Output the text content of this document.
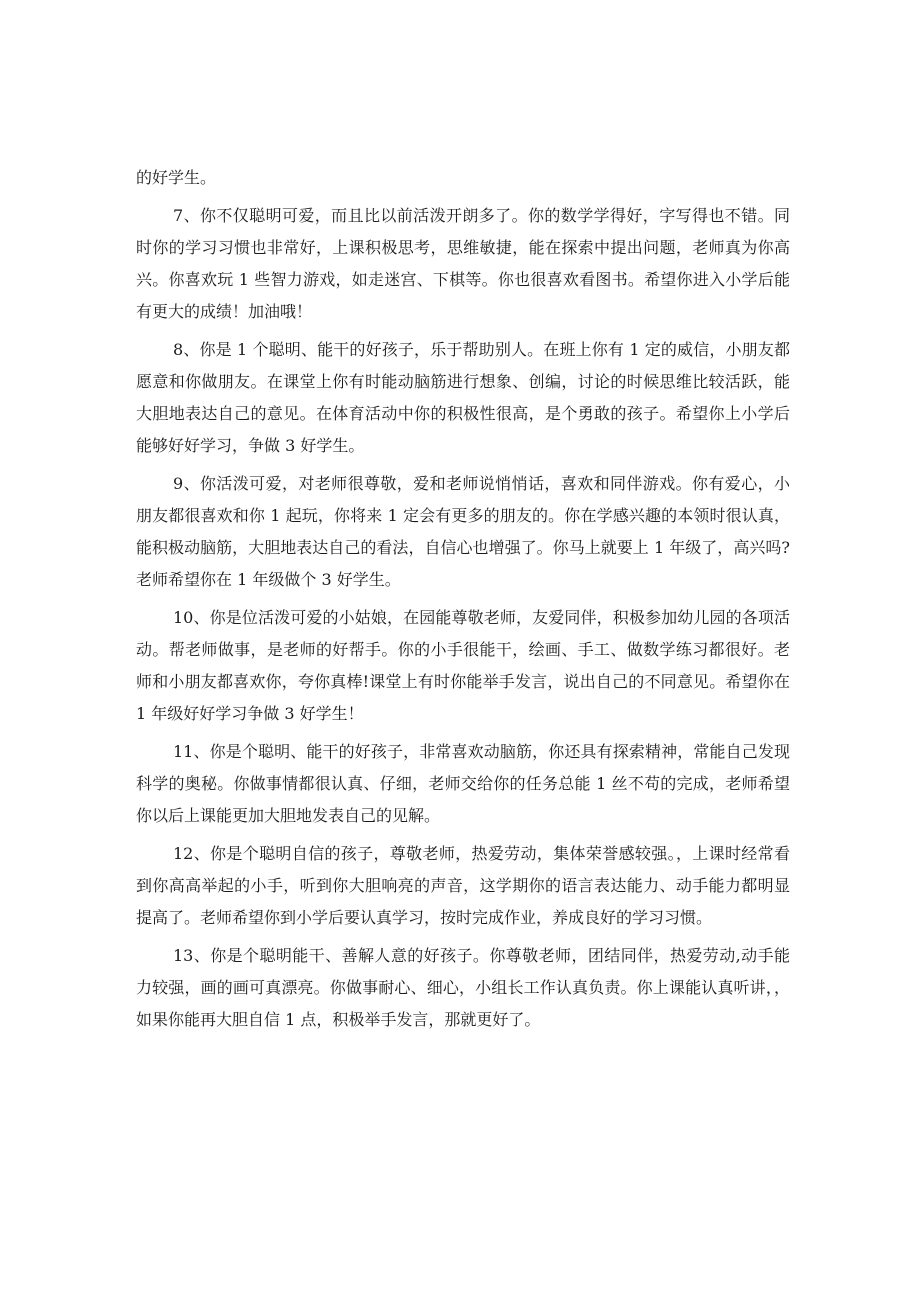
的好学生。

7、你不仅聪明可爱，而且比以前活泼开朗多了。你的数学学得好，字写得也不错。同时你的学习习惯也非常好，上课积极思考，思维敏捷，能在探索中提出问题，老师真为你高兴。你喜欢玩 1 些智力游戏，如走迷宫、下棋等。你也很喜欢看图书。希望你进入小学后能有更大的成绩！加油哦！

8、你是 1 个聪明、能干的好孩子，乐于帮助别人。在班上你有 1 定的威信，小朋友都愿意和你做朋友。在课堂上你有时能动脑筋进行想象、创编，讨论的时候思维比较活跃，能大胆地表达自己的意见。在体育活动中你的积极性很高，是个勇敢的孩子。希望你上小学后能够好好学习，争做 3 好学生。

9、你活泼可爱，对老师很尊敬，爱和老师说悄悄话，喜欢和同伴游戏。你有爱心，小朋友都很喜欢和你 1 起玩，你将来 1 定会有更多的朋友的。你在学感兴趣的本领时很认真，能积极动脑筋，大胆地表达自己的看法，自信心也增强了。你马上就要上 1 年级了，高兴吗?老师希望你在 1 年级做个 3 好学生。

10、你是位活泼可爱的小姑娘，在园能尊敬老师，友爱同伴，积极参加幼儿园的各项活动。帮老师做事，是老师的好帮手。你的小手很能干，绘画、手工、做数学练习都很好。老师和小朋友都喜欢你，夸你真棒!课堂上有时你能举手发言，说出自己的不同意见。希望你在 1 年级好好学习争做 3 好学生！

11、你是个聪明、能干的好孩子，非常喜欢动脑筋，你还具有探索精神，常能自己发现科学的奥秘。你做事情都很认真、仔细，老师交给你的任务总能 1 丝不苟的完成，老师希望你以后上课能更加大胆地发表自己的见解。

12、你是个聪明自信的孩子，尊敬老师，热爱劳动，集体荣誉感较强。，上课时经常看到你高高举起的小手，听到你大胆响亮的声音，这学期你的语言表达能力、动手能力都明显提高了。老师希望你到小学后要认真学习，按时完成作业，养成良好的学习习惯。

13、你是个聪明能干、善解人意的好孩子。你尊敬老师，团结同伴，热爱劳动,动手能力较强，画的画可真漂亮。你做事耐心、细心，小组长工作认真负责。你上课能认真听讲，，如果你能再大胆自信 1 点，积极举手发言，那就更好了。
